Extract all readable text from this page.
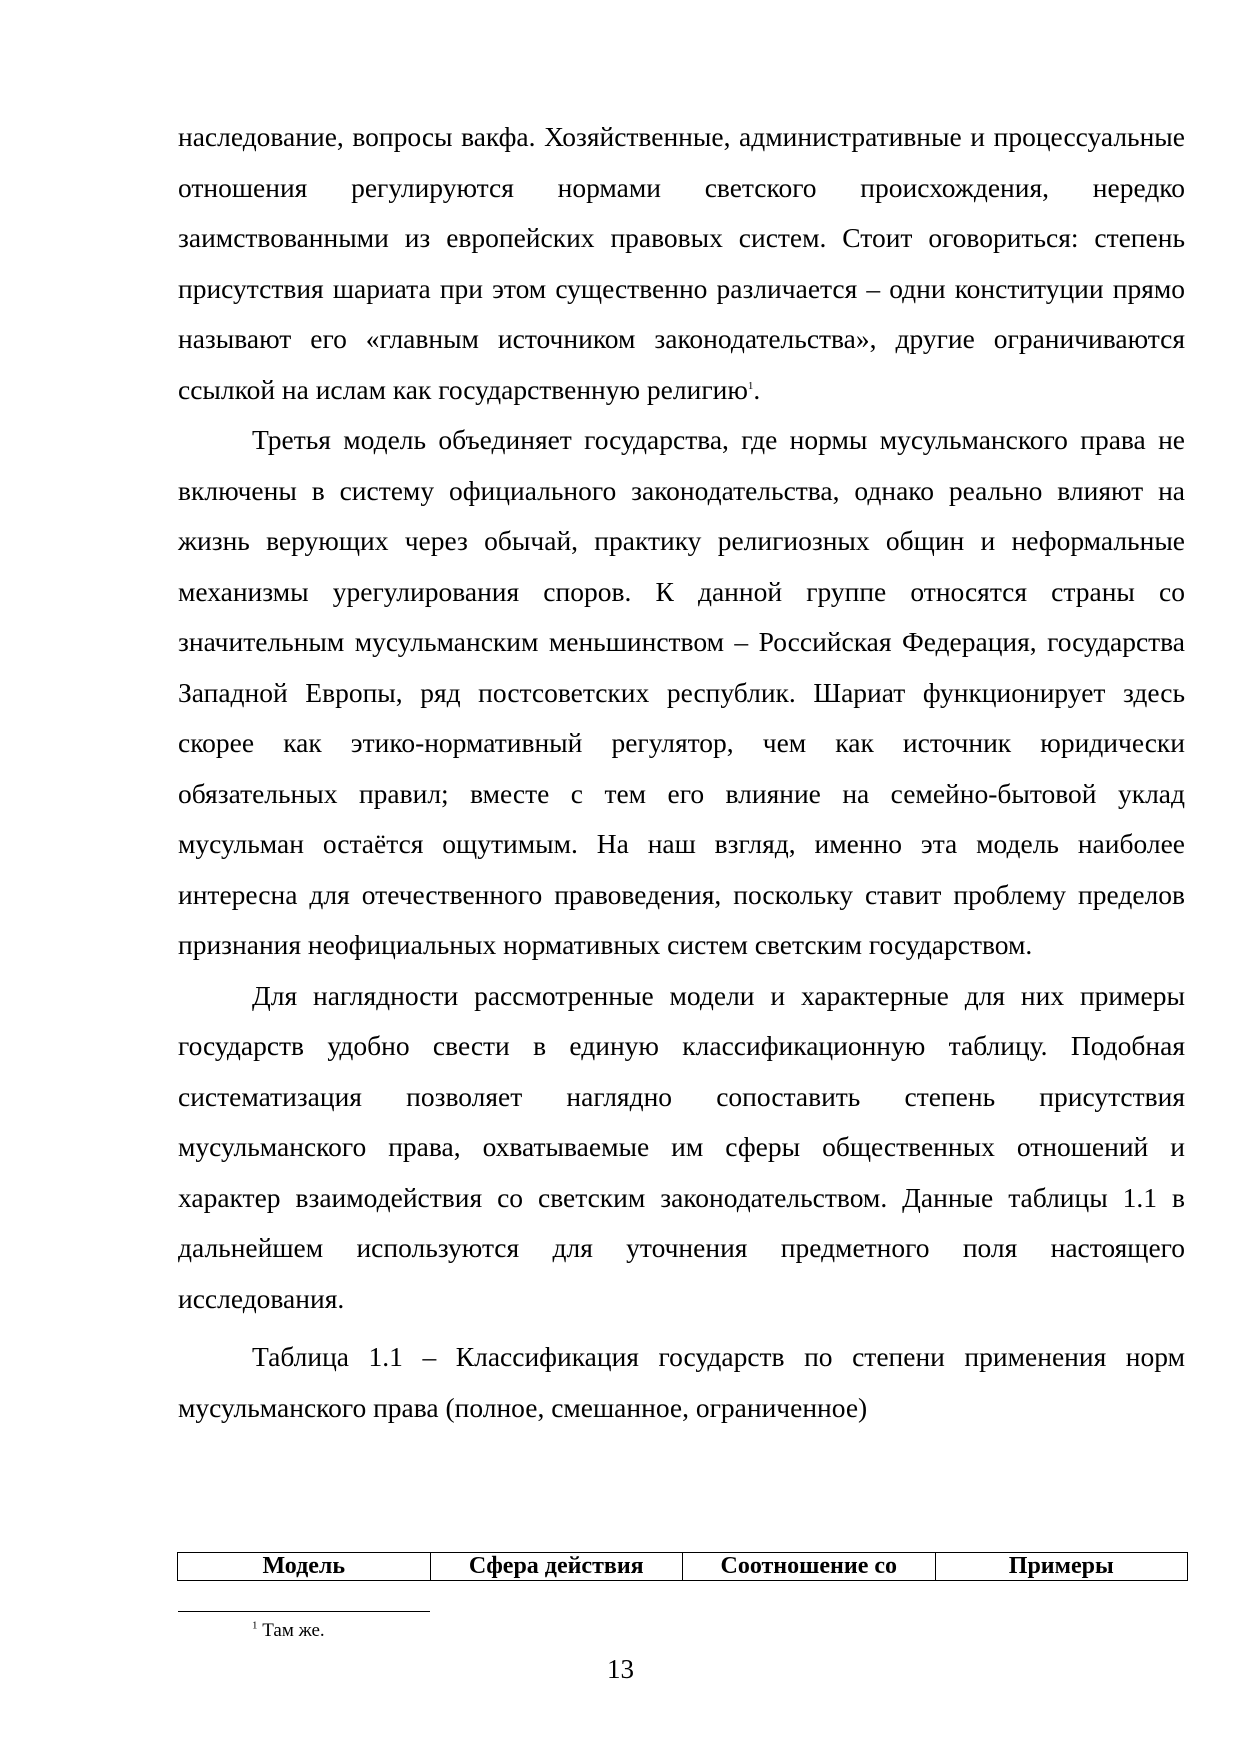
наследование, вопросы вакфа. Хозяйственные, административные и процессуальные отношения регулируются нормами светского происхождения, нередко заимствованными из европейских правовых систем. Стоит оговориться: степень присутствия шариата при этом существенно различается – одни конституции прямо называют его «главным источником законодательства», другие ограничиваются ссылкой на ислам как государственную религию$^1$.

Третья модель объединяет государства, где нормы мусульманского права не включены в систему официального законодательства, однако реально влияют на жизнь верующих через обычай, практику религиозных общин и неформальные механизмы урегулирования споров. К данной группе относятся страны со значительным мусульманским меньшинством – Российская Федерация, государства Западной Европы, ряд постсоветских республик. Шариат функционирует здесь скорее как этико-нормативный регулятор, чем как источник юридически обязательных правил; вместе с тем его влияние на семейно-бытовой уклад мусульман остаётся ощутимым. На наш взгляд, именно эта модель наиболее интересна для отечественного правоведения, поскольку ставит проблему пределов признания неофициальных нормативных систем светским государством.

Для наглядности рассмотренные модели и характерные для них примеры государств удобно свести в единую классификационную таблицу. Подобная систематизация позволяет наглядно сопоставить степень присутствия мусульманского права, охватываемые им сферы общественных отношений и характер взаимодействия со светским законодательством. Данные таблицы 1.1 в дальнейшем используются для уточнения предметного поля настоящего исследования.

Таблица 1.1 – Классификация государств по степени применения норм мусульманского права (полное, смешанное, ограниченное)

Модель	Сфера действия	Соотношение со	Примеры
$^1$ Там же.
13
